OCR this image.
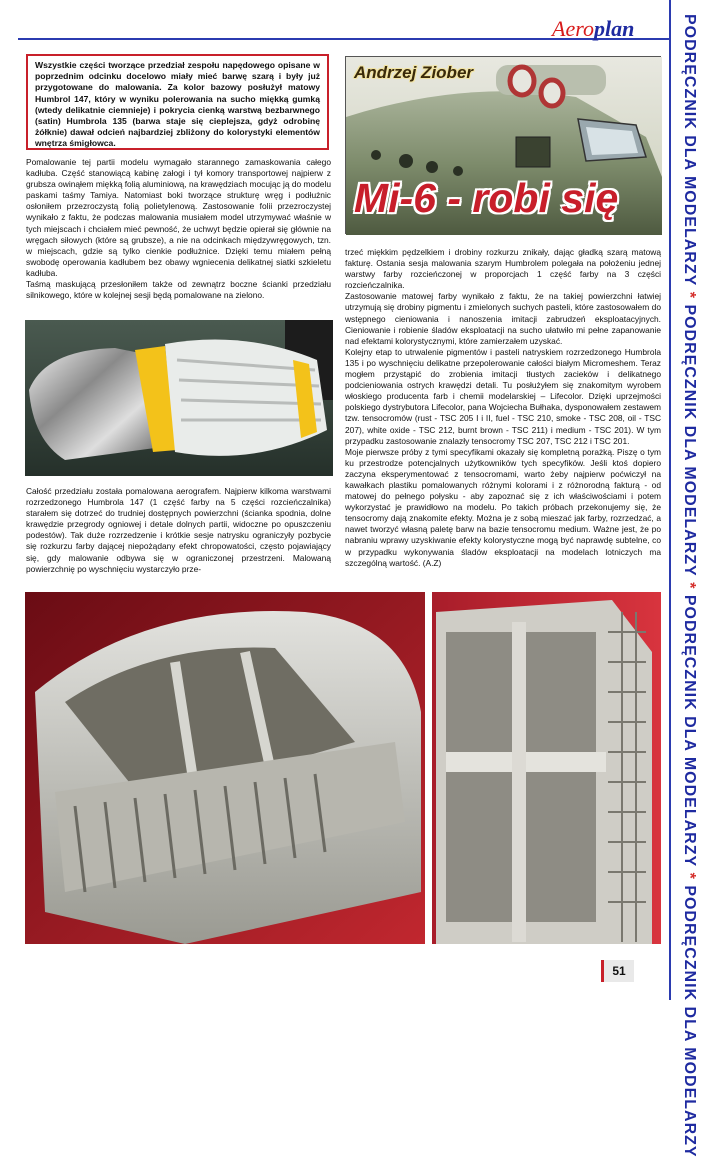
PODRĘCZNIK DLA MODELARZY * PODRĘCZNIK DLA MODELARZY * PODRĘCZNIK DLA MODELARZY * PODRĘCZNIK DLA MODELARZY
Aeroplan
Wszystkie części tworzące przedział zespołu napędowego opisane w poprzednim odcinku docelowo miały mieć barwę szarą i były już przygotowane do malowania. Za kolor bazowy posłużył matowy Humbrol 147, który w wyniku polerowania na sucho miękką gumką (wtedy delikatnie ciemnieje) i pokrycia cienką warstwą bezbarwnego (satin) Humbrola 135 (barwa staje się cieplejsza, gdyż odrobinę żółknie) dawał odcień najbardziej zbliżony do kolorystyki elementów wnętrza śmigłowca.
Andrzej Ziober
Mi-6 - robi się

Pomalowanie tej partii modelu wymagało starannego zamaskowania całego kadłuba. Część stanowiącą kabinę załogi i tył komory transportowej najpierw z grubsza owinąłem miękką folią aluminiową, na krawędziach mocując ją do modelu paskami taśmy Tamiya. Natomiast boki tworzące strukturę wręg i podłużnic osłoniłem przezroczystą folią polietylenową. Zastosowanie folii przezroczystej wynikało z faktu, że podczas malowania musiałem model utrzymywać właśnie w tych miejscach i chciałem mieć pewność, że uchwyt będzie opierał się głównie na wręgach siłowych (które są grubsze), a nie na odcinkach międzywręgowych, tzn. w miejscach, gdzie są tylko cienkie podłużnice. Dzięki temu miałem pełną swobodę operowania kadłubem bez obawy wgniecenia delikatnej siatki szkieletu kadłuba.

Taśmą maskującą przesłoniłem także od zewnątrz boczne ścianki przedziału silnikowego, które w kolejnej sesji będą pomalowane na zielono.

Całość przedziału została pomalowana aerografem. Najpierw kilkoma warstwami rozrzedzonego Humbrola 147 (1 część farby na 5 części rozcieńczalnika) starałem się dotrzeć do trudniej dostępnych powierzchni (ścianka spodnia, dolne krawędzie przegrody ogniowej i detale dolnych partii, widoczne po opuszczeniu podestów). Tak duże rozrzedzenie i krótkie sesje natrysku ograniczyły pozbycie się rozkurzu farby dającej niepożądany efekt chropowatości, często pojawiający się, gdy malowanie odbywa się w ograniczonej przestrzeni. Malowaną powierzchnię po wyschnięciu wystarczyło prze-

trzeć miękkim pędzelkiem i drobiny rozkurzu znikały, dając gładką szarą matową fakturę. Ostania sesja malowania szarym Humbrolem polegała na położeniu jednej warstwy farby rozcieńczonej w proporcjach 1 część farby na 3 części rozcieńczalnika.

Zastosowanie matowej farby wynikało z faktu, że na takiej powierzchni łatwiej utrzymują się drobiny pigmentu i zmielonych suchych pasteli, które zastosowałem do wstępnego cieniowania i nanoszenia imitacji zabrudzeń eksploatacyjnych. Cieniowanie i robienie śladów eksploatacji na sucho ułatwiło mi pełne zapanowanie nad efektami kolorystycznymi, które zamierzałem uzyskać.

Kolejny etap to utrwalenie pigmentów i pasteli natryskiem rozrzedzonego Humbrola 135 i po wyschnięciu delikatne przepolerowanie całości białym Micromeshem. Teraz mogłem przystąpić do zrobienia imitacji tłustych zacieków i delikatnego podcieniowania ostrych krawędzi detali. Tu posłużyłem się znakomitym wyrobem włoskiego producenta farb i chemii modelarskiej – Lifecolor. Dzięki uprzejmości polskiego dystrybutora Lifecolor, pana Wojciecha Bułhaka, dysponowałem zestawem tzw. tensocromów (rust - TSC 205 I i II, fuel - TSC 210, smoke - TSC 208, oil - TSC 207), white oxide - TSC 212, burnt brown - TSC 211) i medium - TSC 201). W tym przypadku zastosowanie znalazły tensocromy TSC 207, TSC 212 i TSC 201.

Moje pierwsze próby z tymi specyfikami okazały się kompletną porażką. Piszę o tym ku przestrodze potencjalnych użytkowników tych specyfików. Jeśli ktoś dopiero zaczyna eksperymentować z tensocromami, warto żeby najpierw poćwiczył na kawałkach plastiku pomalowanych różnymi kolorami i z różnorodną fakturą - od matowej do pełnego połysku - aby zapoznać się z ich właściwościami i potem wykorzystać je prawidłowo na modelu. Po takich próbach przekonujemy się, że tensocromy dają znakomite efekty. Można je z sobą mieszać jak farby, rozrzedzać, a nawet tworzyć własną paletę barw na bazie tensocromu medium. Ważne jest, że po nabraniu wprawy uzyskiwanie efekty kolorystyczne mogą być naprawdę subtelne, co w przypadku wykonywania śladów eksploatacji na modelach lotniczych ma szczególną wartość. (A.Z)

51
